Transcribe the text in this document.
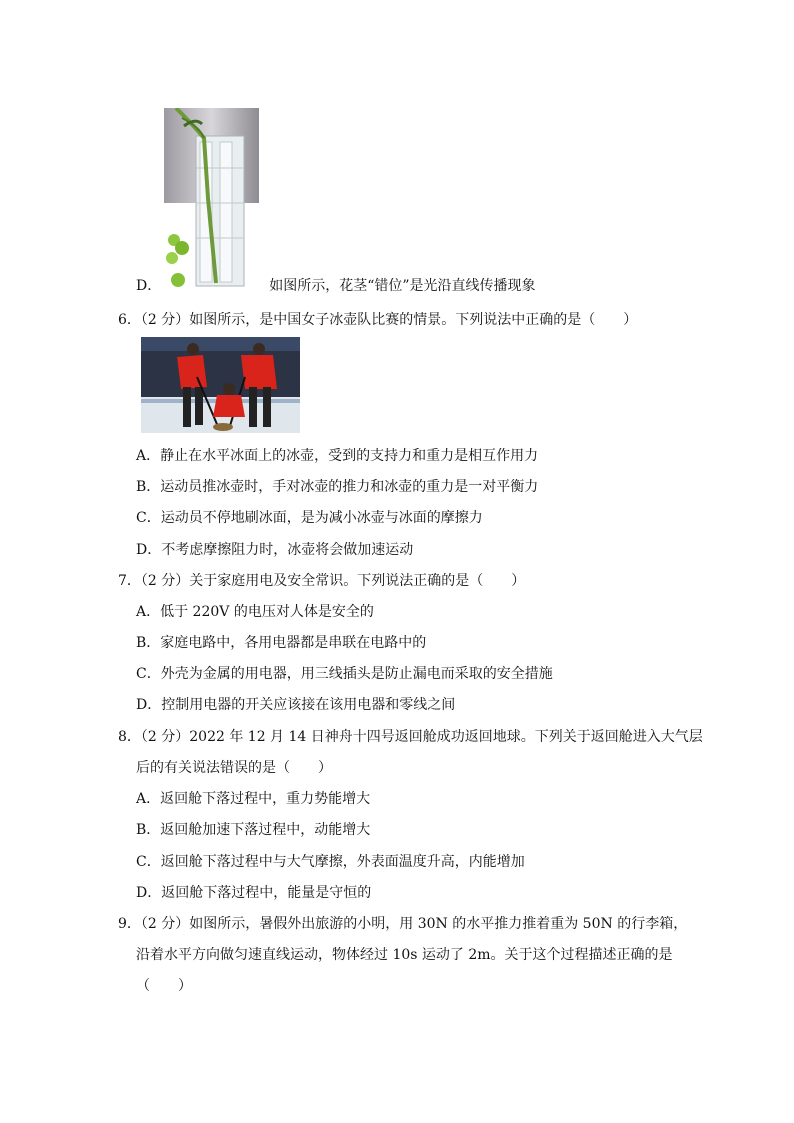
D．	如图所示，花茎“错位”是光沿直线传播现象
6．（2 分）如图所示，是中国女子冰壶队比赛的情景。下列说法中正确的是（　　）
A．静止在水平冰面上的冰壶，受到的支持力和重力是相互作用力
B．运动员推冰壶时，手对冰壶的推力和冰壶的重力是一对平衡力
C．运动员不停地刷冰面，是为减小冰壶与冰面的摩擦力
D．不考虑摩擦阻力时，冰壶将会做加速运动
7．（2 分）关于家庭用电及安全常识。下列说法正确的是（　　）
A．低于 220V 的电压对人体是安全的
B．家庭电路中，各用电器都是串联在电路中的
C．外壳为金属的用电器，用三线插头是防止漏电而采取的安全措施
D．控制用电器的开关应该接在该用电器和零线之间
8．（2 分）2022 年 12 月 14 日神舟十四号返回舱成功返回地球。下列关于返回舱进入大气层
后的有关说法错误的是（　　）
A．返回舱下落过程中，重力势能增大
B．返回舱加速下落过程中，动能增大
C．返回舱下落过程中与大气摩擦，外表面温度升高，内能增加
D．返回舱下落过程中，能量是守恒的
9．（2 分）如图所示，暑假外出旅游的小明，用 30N 的水平推力推着重为 50N 的行李箱，
沿着水平方向做匀速直线运动，物体经过 10s 运动了 2m。关于这个过程描述正确的是
（　　）
